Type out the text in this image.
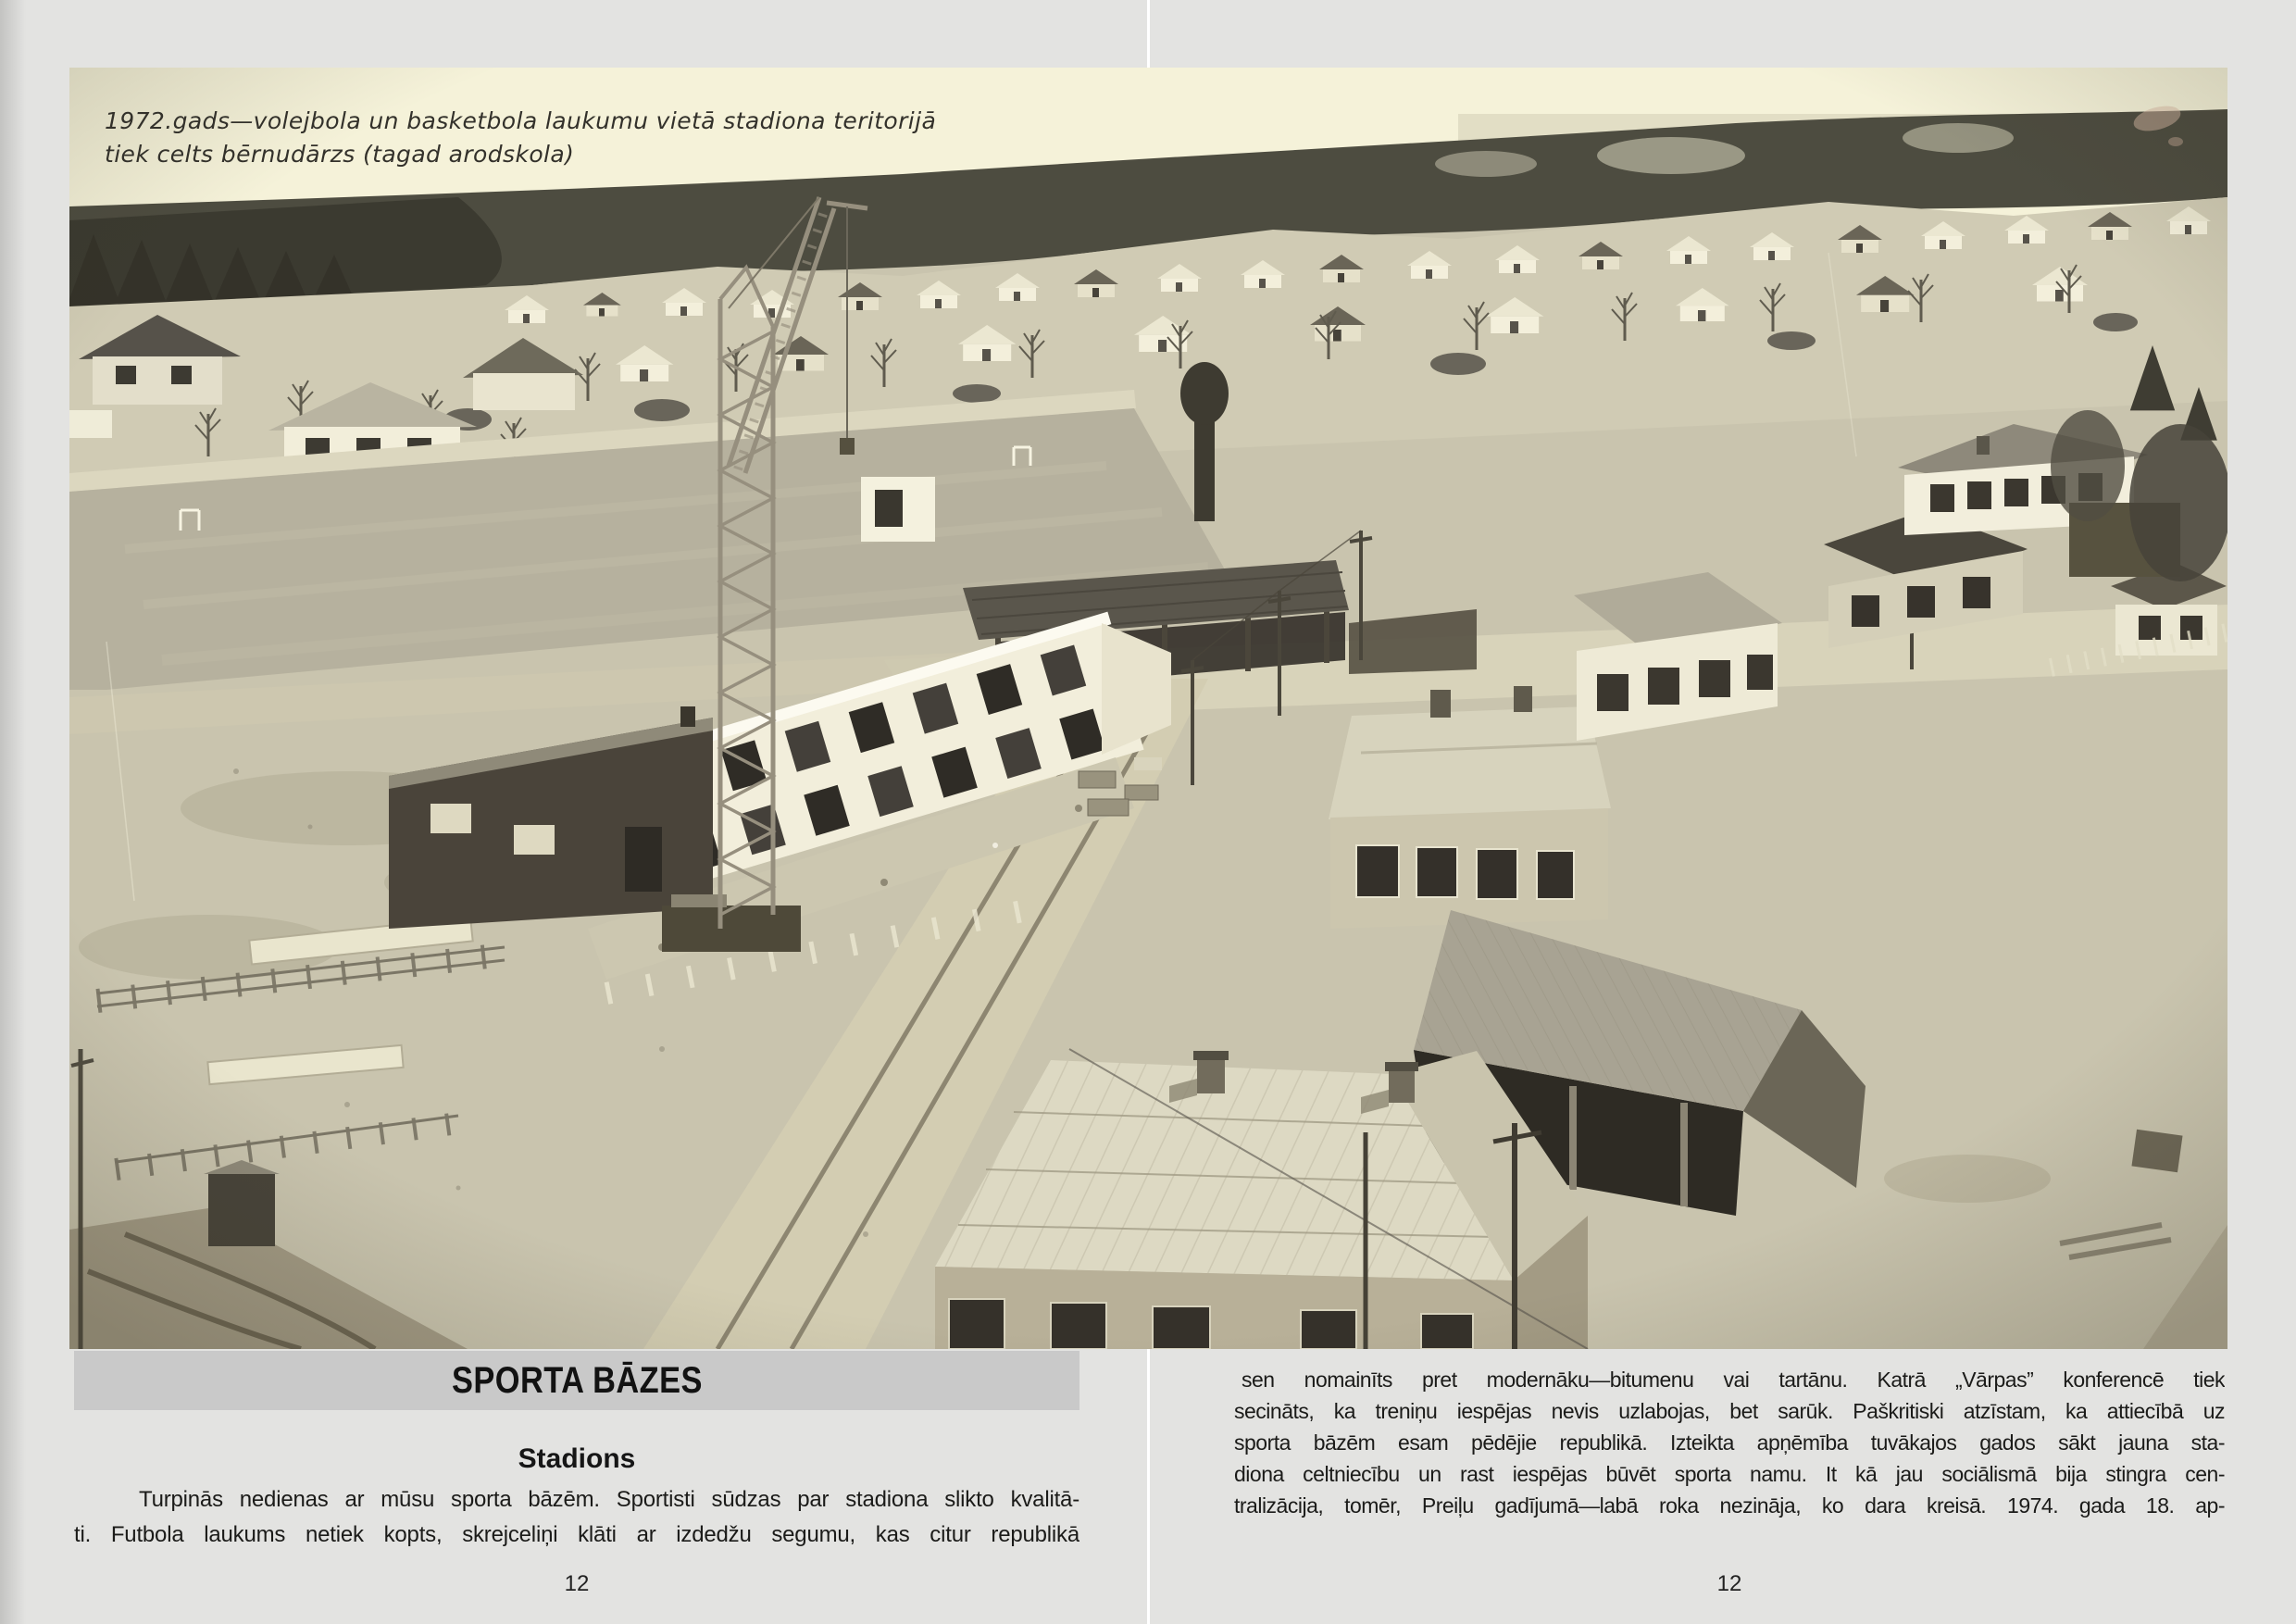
1972.gads—volejbola un basketbola laukumu vietā stadiona teritorijā
tiek celts bērnudārzs (tagad arodskola)
SPORTA BĀZES
Stadions
Turpinās nedienas ar mūsu sporta bāzēm. Sportisti sūdzas par stadiona slikto kvalitā-
ti. Futbola laukums netiek kopts, skrejceliņi klāti ar izdedžu segumu, kas citur republikā
12
sen nomainīts pret modernāku—bitumenu vai tartānu. Katrā „Vārpas” konferencē tiek
secināts, ka treniņu iespējas nevis uzlabojas, bet sarūk. Paškritiski atzīstam, ka attiecībā uz
sporta bāzēm esam pēdējie republikā. Izteikta apņēmība tuvākajos gados sākt jauna sta-
diona celtniecību un rast iespējas būvēt sporta namu. It kā jau sociālismā bija stingra cen-
tralizācija, tomēr, Preiļu gadījumā—labā roka nezināja, ko dara kreisā. 1974. gada 18. ap-
12
